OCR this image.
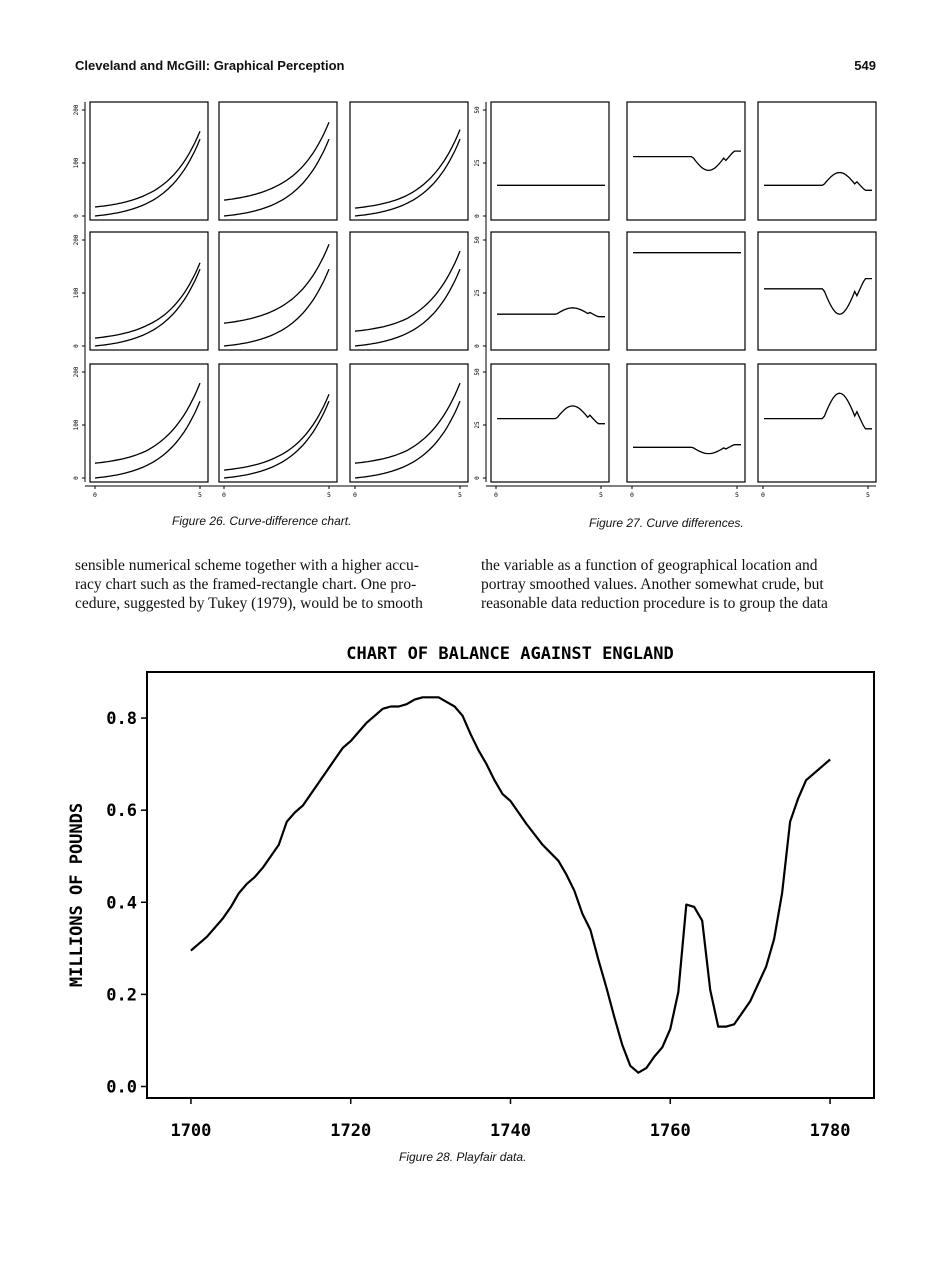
Cleveland and McGill: Graphical Perception	549
0
100
200
0
100
200
0
100
200
0	5	0	5	0	5
0
25
50
0
25
50
0
25
50
0	5	0	5	0	5
Figure 26. Curve-difference chart.	Figure 27. Curve differences.
sensible numerical scheme together with a higher accu-
racy chart such as the framed-rectangle chart. One pro-
cedure, suggested by Tukey (1979), would be to smooth
the variable as a function of geographical location and
portray smoothed values. Another somewhat crude, but
reasonable data reduction procedure is to group the data
CHART OF BALANCE AGAINST ENGLAND
0.0
0.2
0.4
0.6
0.8
1700	1720	1740	1760	1780
MILLIONS OF POUNDS
Figure 28. Playfair data.
